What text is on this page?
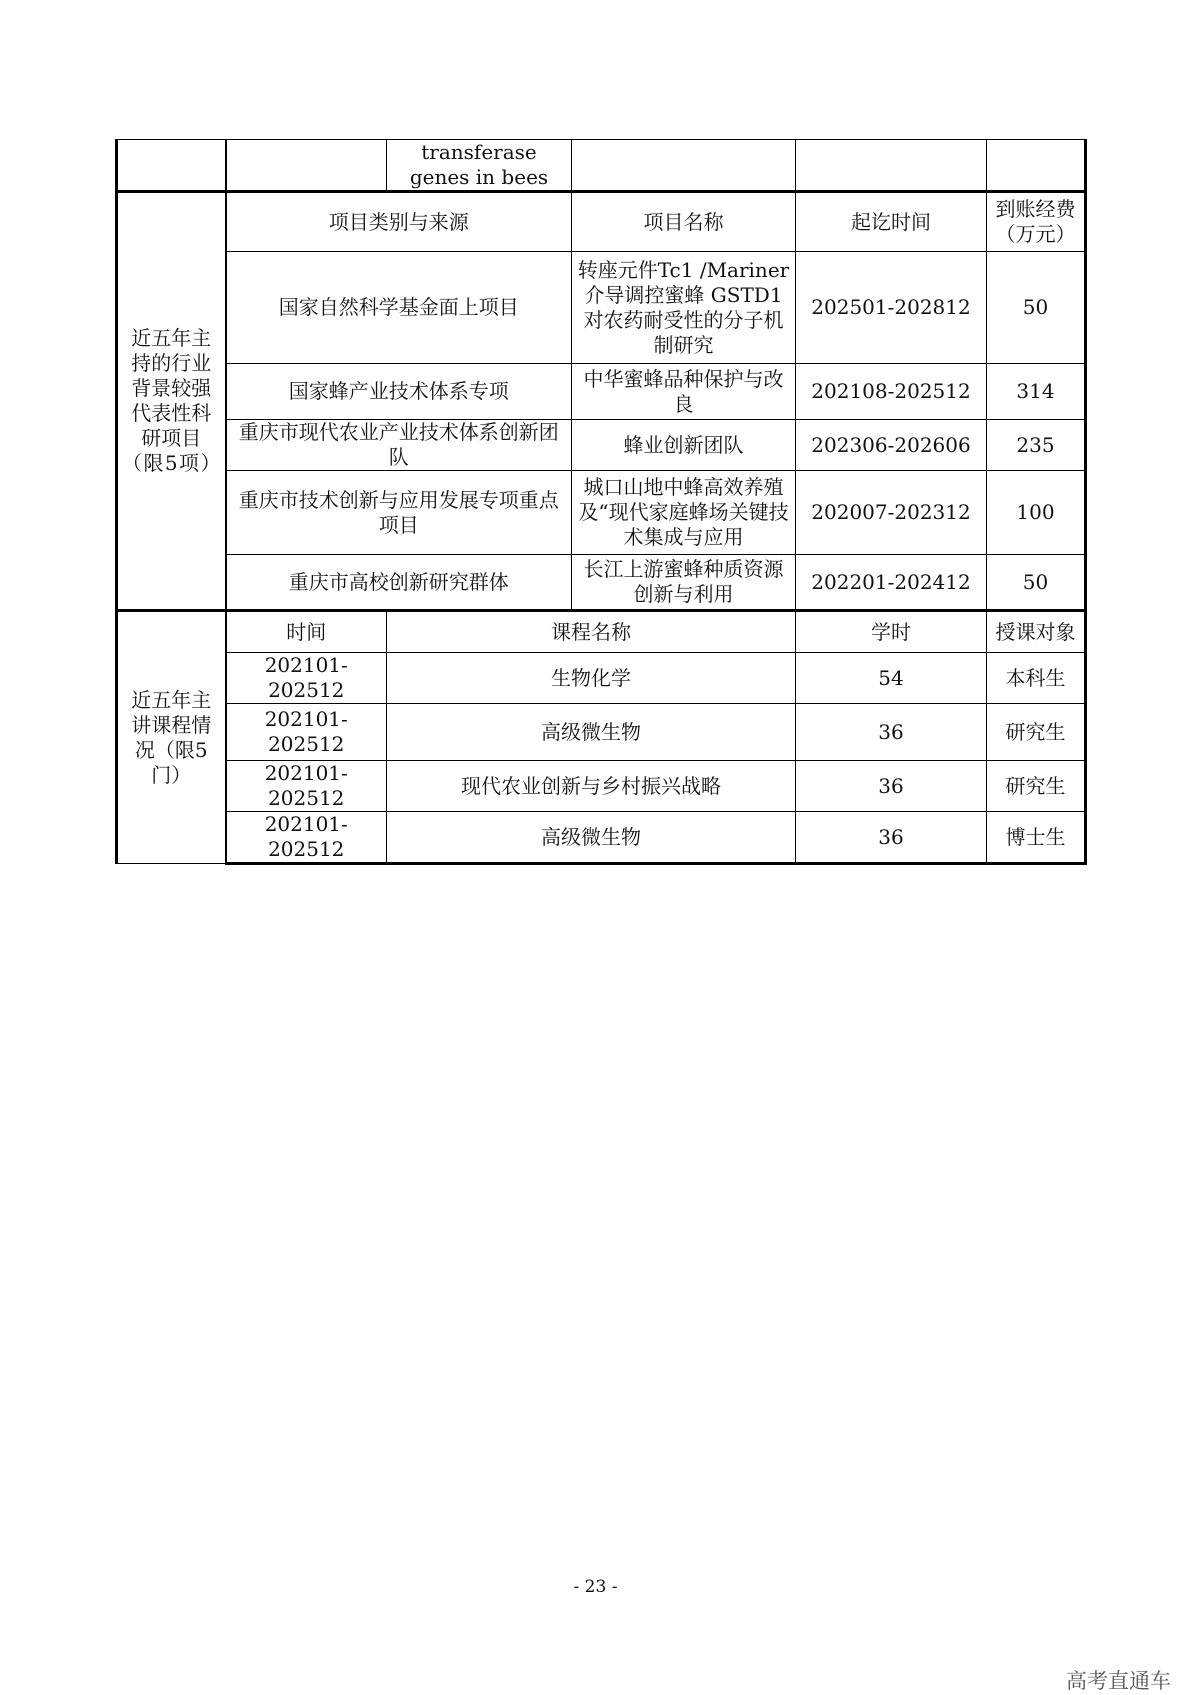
		transferase genes in bees			
近五年主持的行业背景较强代表性科研项目（限5项）	项目类别与来源		项目名称	起讫时间	到账经费（万元）
	国家自然科学基金面上项目		转座元件Tc1 /Mariner介导调控蜜蜂 GSTD1对农药耐受性的分子机制研究	202501-202812	50
	国家蜂产业技术体系专项		中华蜜蜂品种保护与改良	202108-202512	314
	重庆市现代农业产业技术体系创新团队		蜂业创新团队	202306-202606	235
	重庆市技术创新与应用发展专项重点项目		城口山地中蜂高效养殖及“现代家庭蜂场关键技术集成与应用	202007-202312	100
	重庆市高校创新研究群体		长江上游蜜蜂种质资源创新与利用	202201-202412	50
近五年主讲课程情况（限5门）	时间	课程名称		学时	授课对象
	202101-202512	生物化学		54	本科生
	202101-202512	高级微生物		36	研究生
	202101-202512	现代农业创新与乡村振兴战略		36	研究生
	202101-202512	高级微生物		36	博士生
- 23 -
高考直通车
